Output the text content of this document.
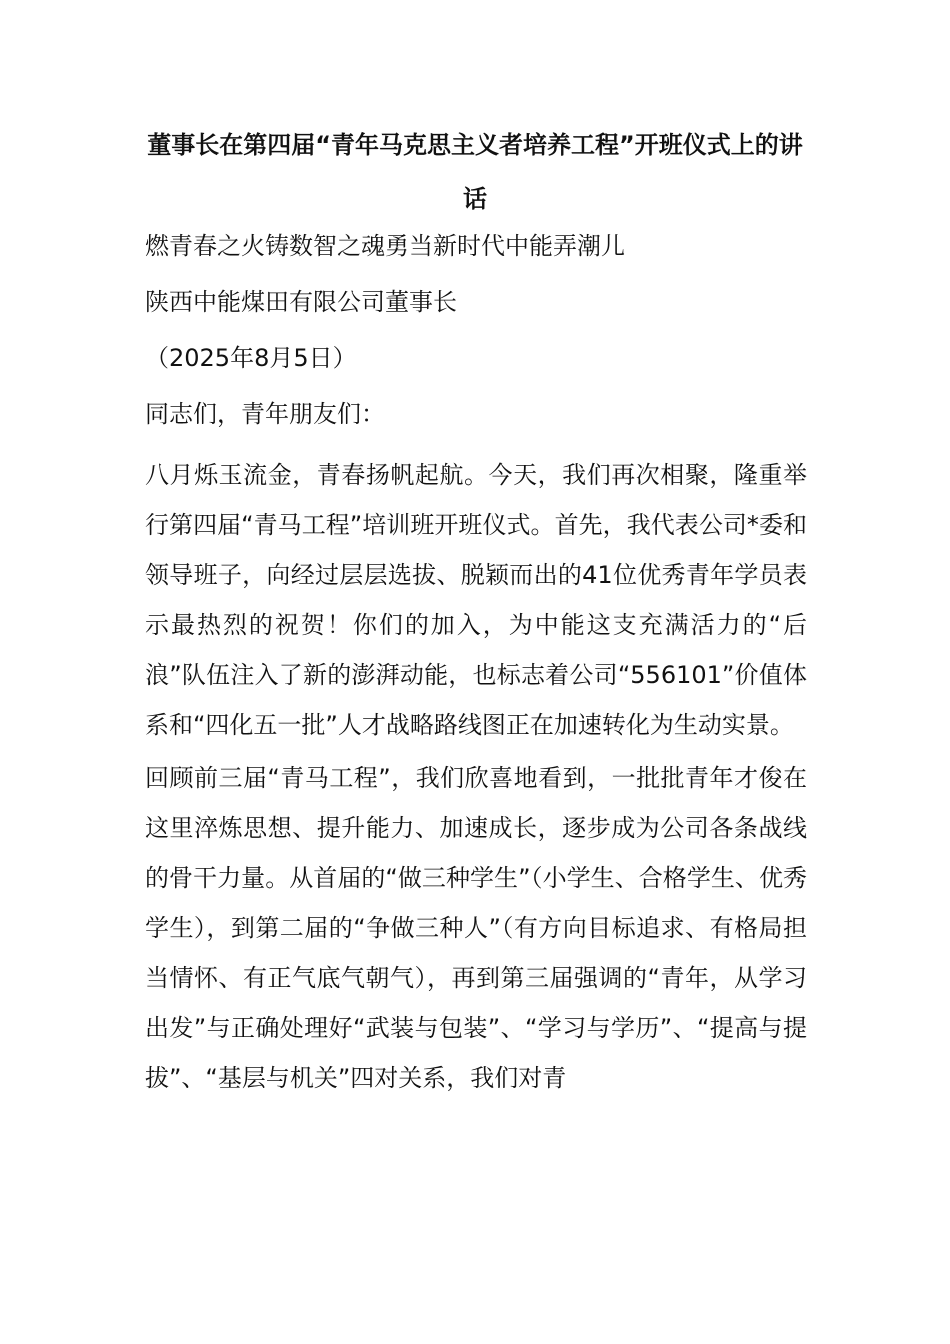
董事长在第四届“青年马克思主义者培养工程”开班仪式上的讲话
燃青春之火铸数智之魂勇当新时代中能弄潮儿
陕西中能煤田有限公司董事长
（2025年8月5日）
同志们，青年朋友们：
八月烁玉流金，青春扬帆起航。今天，我们再次相聚，隆重举行第四届“青马工程”培训班开班仪式。首先，我代表公司*委和领导班子，向经过层层选拔、脱颖而出的41位优秀青年学员表示最热烈的祝贺！你们的加入，为中能这支充满活力的“后浪”队伍注入了新的澎湃动能，也标志着公司“556101”价值体系和“四化五一批”人才战略路线图正在加速转化为生动实景。
回顾前三届“青马工程”，我们欣喜地看到，一批批青年才俊在这里淬炼思想、提升能力、加速成长，逐步成为公司各条战线的骨干力量。从首届的“做三种学生”（小学生、合格学生、优秀学生），到第二届的“争做三种人”（有方向目标追求、有格局担当情怀、有正气底气朝气），再到第三届强调的“青年，从学习出发”与正确处理好“武装与包装”、“学习与学历”、“提高与提拔”、“基层与机关”四对关系，我们对青
